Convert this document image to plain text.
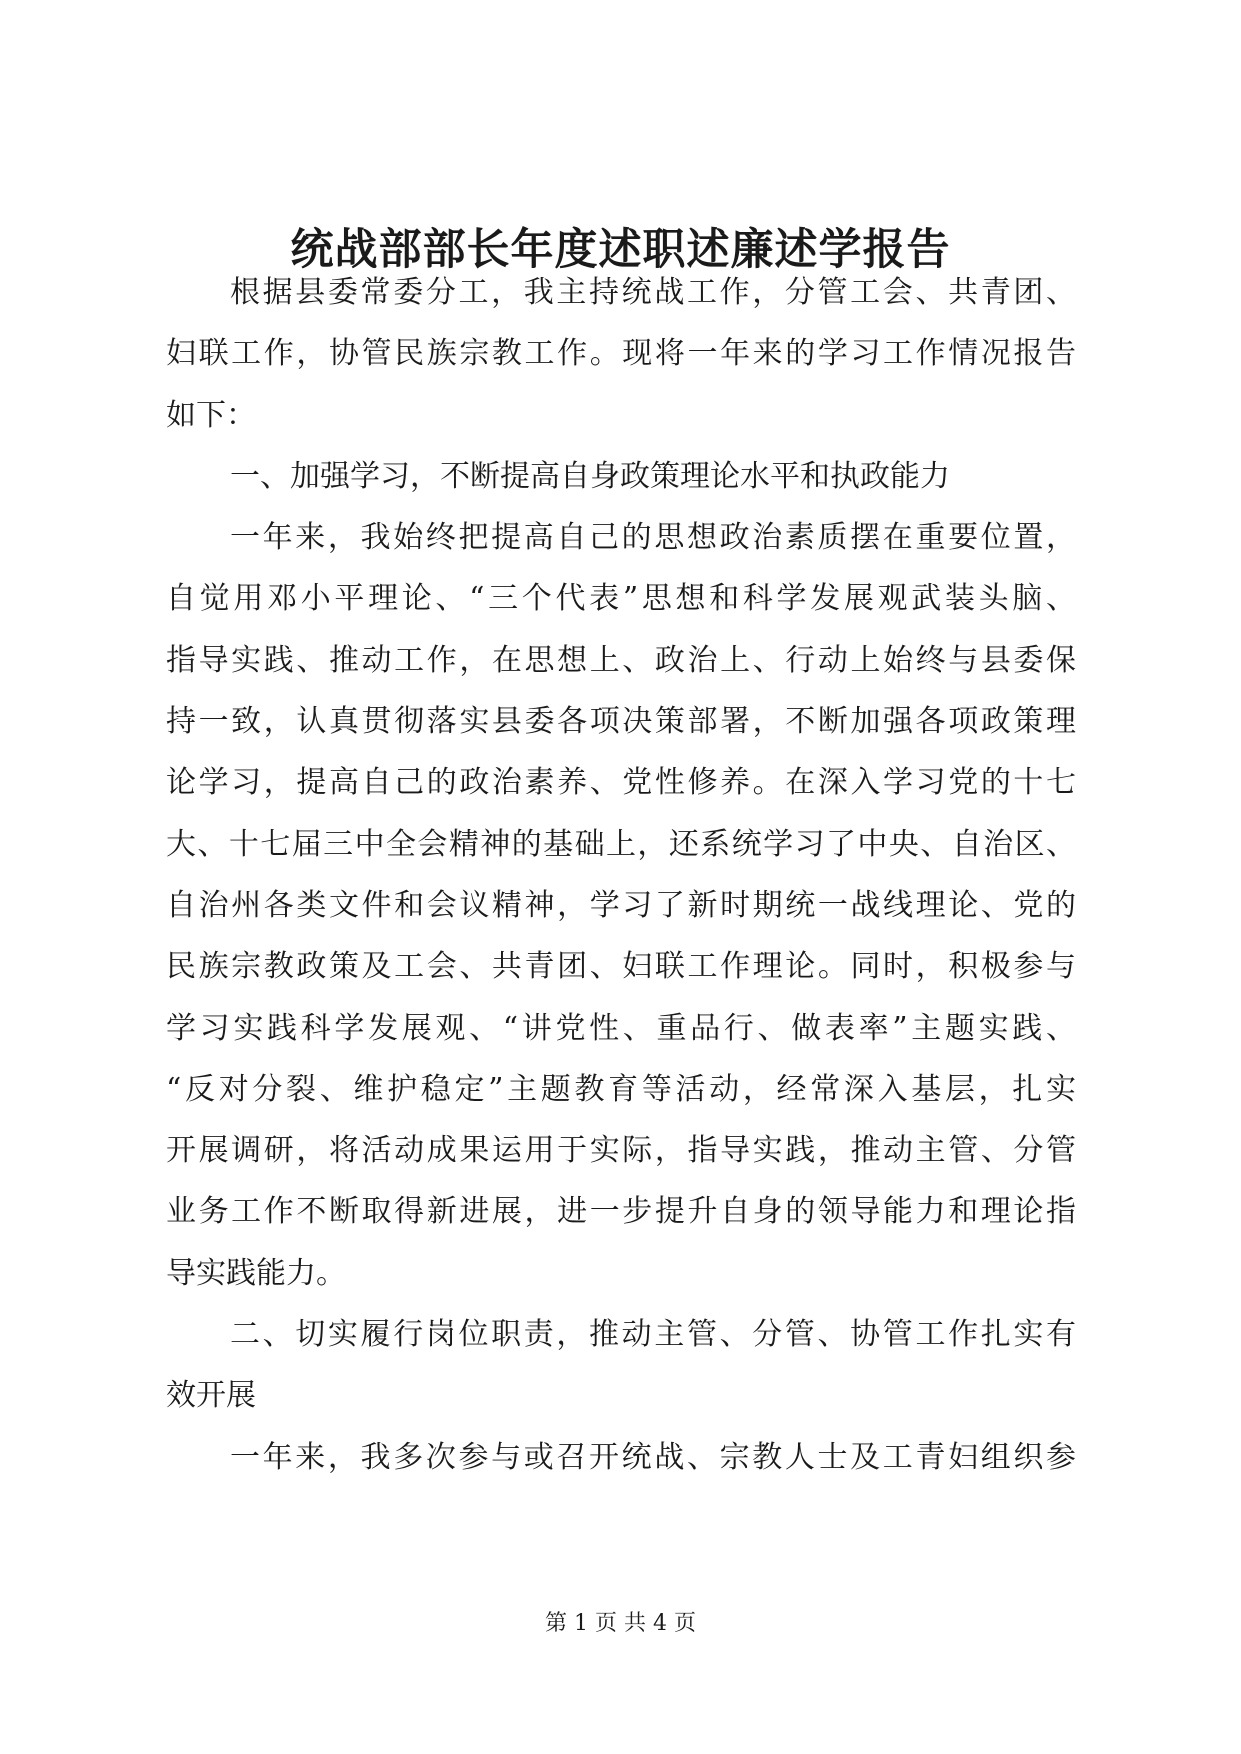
统战部部长年度述职述廉述学报告
根据县委常委分工，我主持统战工作，分管工会、共青团、
妇联工作，协管民族宗教工作。现将一年来的学习工作情况报告
如下：
一、加强学习，不断提高自身政策理论水平和执政能力
一年来，我始终把提高自己的思想政治素质摆在重要位置，
自觉用邓小平理论、“三个代表”思想和科学发展观武装头脑、
指导实践、推动工作，在思想上、政治上、行动上始终与县委保
持一致，认真贯彻落实县委各项决策部署，不断加强各项政策理
论学习，提高自己的政治素养、党性修养。在深入学习党的十七
大、十七届三中全会精神的基础上，还系统学习了中央、自治区、
自治州各类文件和会议精神，学习了新时期统一战线理论、党的
民族宗教政策及工会、共青团、妇联工作理论。同时，积极参与
学习实践科学发展观、“讲党性、重品行、做表率”主题实践、
“反对分裂、维护稳定”主题教育等活动，经常深入基层，扎实
开展调研，将活动成果运用于实际，指导实践，推动主管、分管
业务工作不断取得新进展，进一步提升自身的领导能力和理论指
导实践能力。
二、切实履行岗位职责，推动主管、分管、协管工作扎实有
效开展
一年来，我多次参与或召开统战、宗教人士及工青妇组织参
第 1 页 共 4 页
